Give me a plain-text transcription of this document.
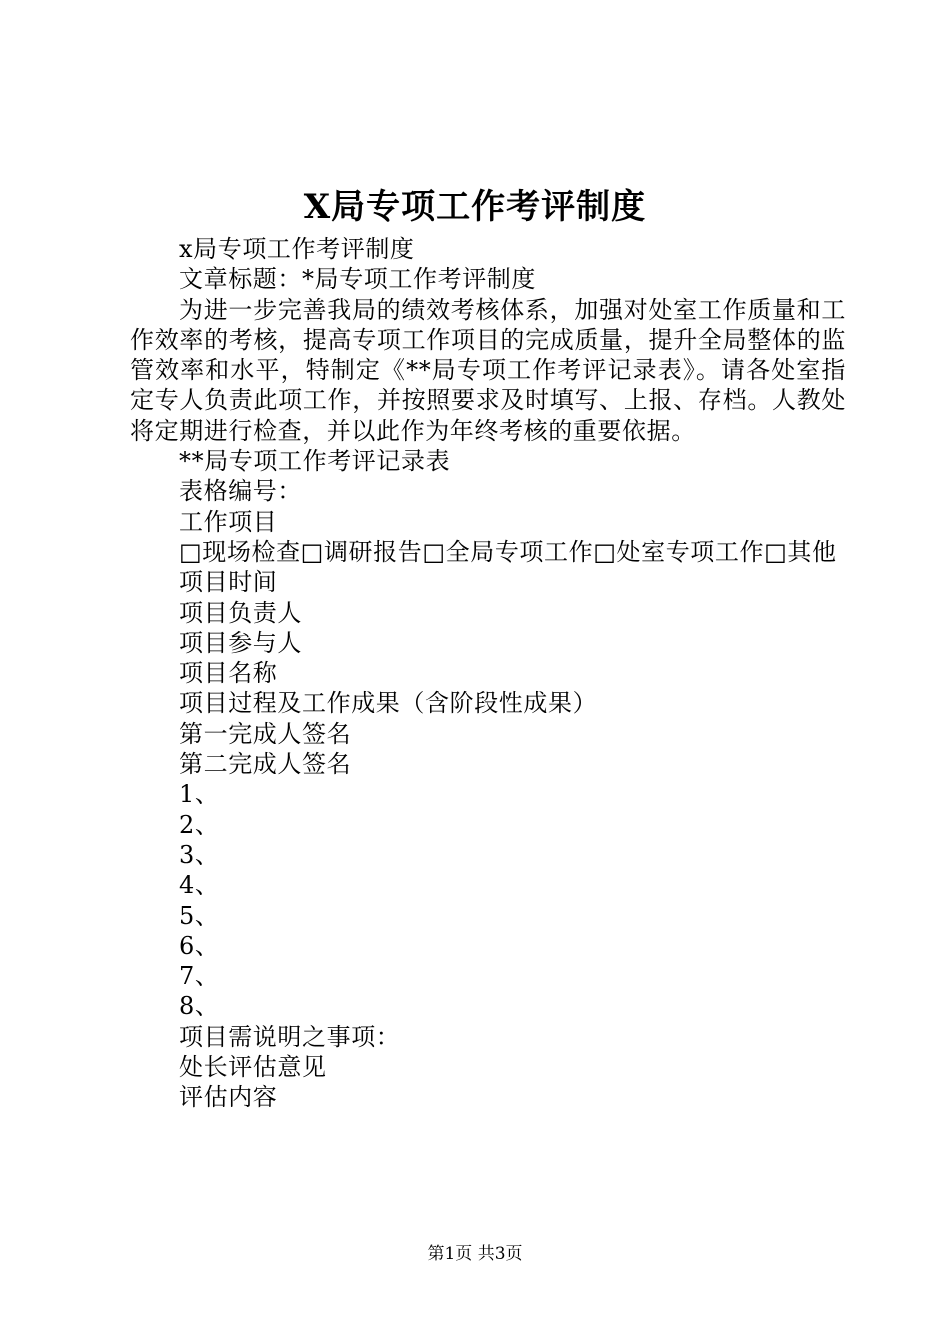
X局专项工作考评制度

x局专项工作考评制度

文章标题：*局专项工作考评制度

为进一步完善我局的绩效考核体系，加强对处室工作质量和工作效率的考核，提高专项工作项目的完成质量，提升全局整体的监管效率和水平，特制定《**局专项工作考评记录表》。请各处室指定专人负责此项工作，并按照要求及时填写、上报、存档。人教处将定期进行检查，并以此作为年终考核的重要依据。

**局专项工作考评记录表

表格编号：

工作项目

□现场检查□调研报告□全局专项工作□处室专项工作□其他

项目时间

项目负责人

项目参与人

项目名称

项目过程及工作成果（含阶段性成果）

第一完成人签名

第二完成人签名

1、

2、

3、

4、

5、

6、

7、

8、

项目需说明之事项：

处长评估意见

评估内容

第1页 共3页
